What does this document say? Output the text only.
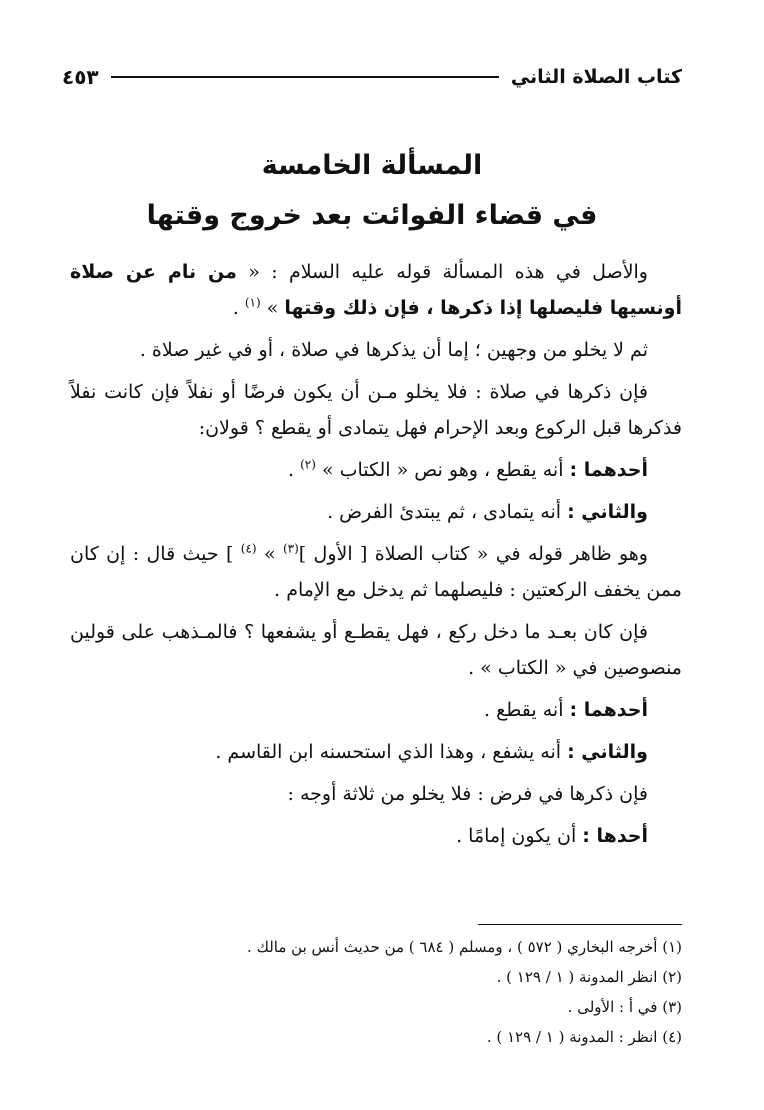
كتاب الصلاة الثاني
٤٥٣
المسألة الخامسة
في قضاء الفوائت بعد خروج وقتها

والأصل في هذه المسألة قوله عليه السلام : « من نام عن صلاة أونسيها فليصلها إذا ذكرها ، فإن ذلك وقتها » $^{(١)}$ .

ثم لا يخلو من وجهين ؛ إما أن يذكرها في صلاة ، أو في غير صلاة .

فإن ذكرها في صلاة : فلا يخلو مـن أن يكون فرضًا أو نفلاً فإن كانت نفلاً فذكرها قبل الركوع وبعد الإحرام فهل يتمادى أو يقطع ؟ قولان:

أحدهما : أنه يقطع ، وهو نص « الكتاب » $^{(٢)}$ .

والثاني : أنه يتمادى ، ثم يبتدئ الفرض .

وهو ظاهر قوله في « كتاب الصلاة [ الأول ]$^{(٣)}$ » $^{(٤)}$ ] حيث قال : إن كان ممن يخفف الركعتين : فليصلهما ثم يدخل مع الإمام .

فإن كان بعـد ما دخل ركع ، فهل يقطـع أو يشفعها ؟ فالمـذهب على قولين منصوصين في « الكتاب » .

أحدهما : أنه يقطع .

والثاني : أنه يشفع ، وهذا الذي استحسنه ابن القاسم .

فإن ذكرها في فرض : فلا يخلو من ثلاثة أوجه :

أحدها : أن يكون إمامًا .

(١) أخرجه البخاري ( ٥٧٢ ) ، ومسلم ( ٦٨٤ ) من حديث أنس بن مالك .
(٢) انظر المدونة ( ١ / ١٢٩ ) .
(٣) في أ : الأولى .
(٤) انظر : المدونة ( ١ / ١٢٩ ) .
